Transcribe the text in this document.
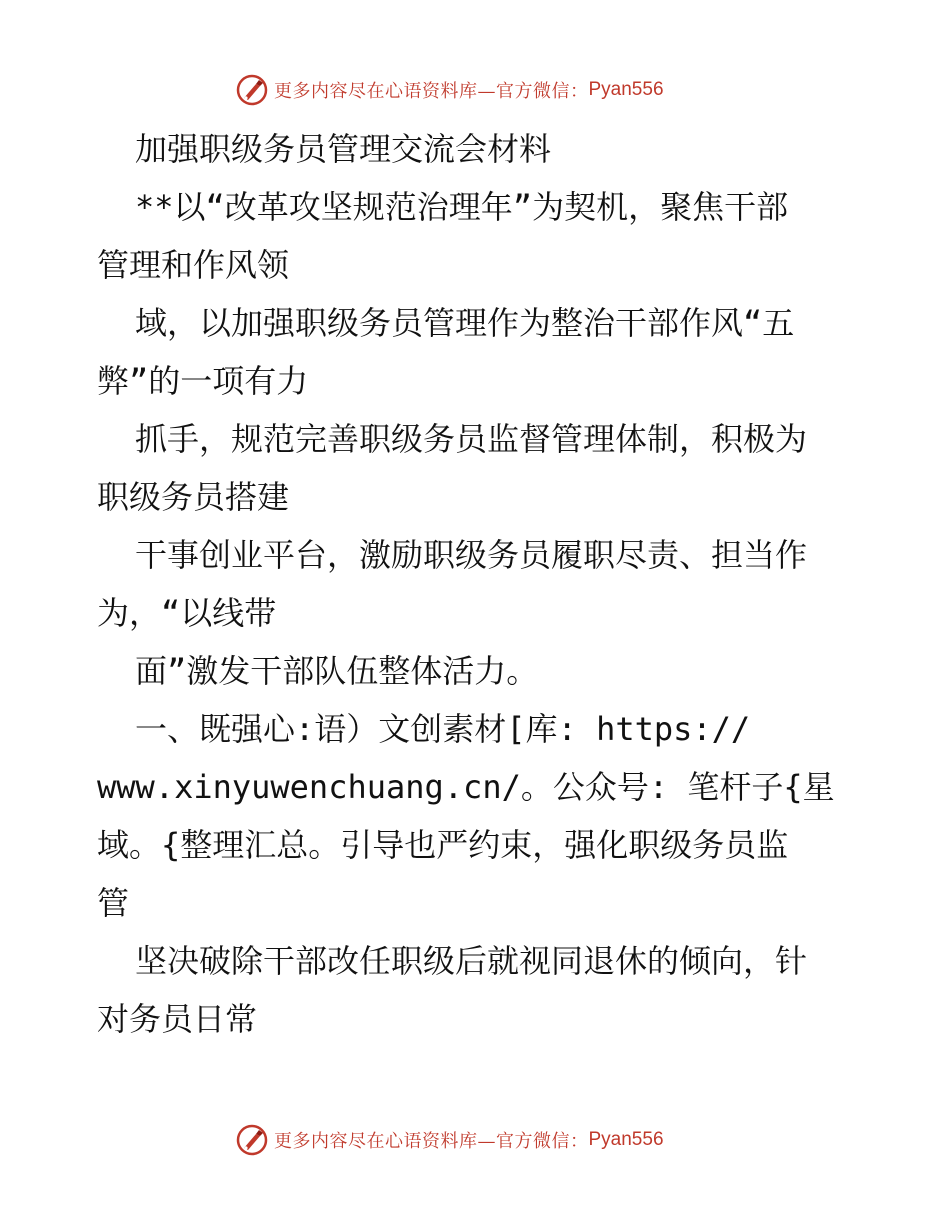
更多内容尽在心语资料库—官方微信： Pyan556
加强职级务员管理交流会材料
**以“改革攻坚规范治理年”为契机，聚焦干部
管理和作风领
域，以加强职级务员管理作为整治干部作风“五
弊”的一项有力
抓手，规范完善职级务员监督管理体制，积极为
职级务员搭建
干事创业平台，激励职级务员履职尽责、担当作
为，“以线带
面”激发干部队伍整体活力。
一、既强心:语）文创素材[库: https://
www.xinyuwenchuang.cn/。公众号: 笔杆子{星
域。{整理汇总。引导也严约束，强化职级务员监
管
坚决破除干部改任职级后就视同退休的倾向，针
对务员日常
更多内容尽在心语资料库—官方微信： Pyan556
